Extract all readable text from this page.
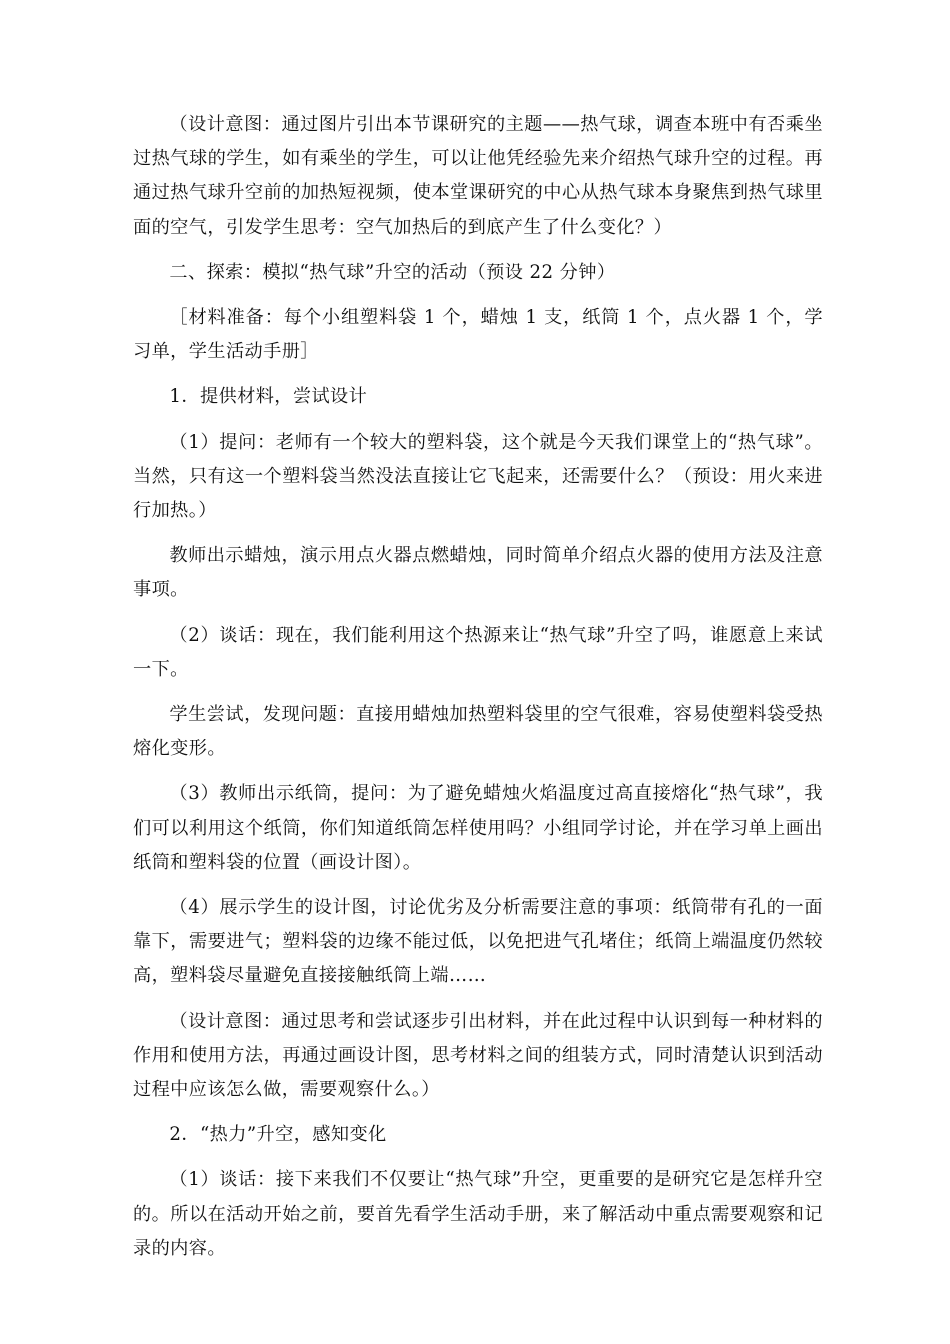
（设计意图：通过图片引出本节课研究的主题——热气球，调查本班中有否乘坐过热气球的学生，如有乘坐的学生，可以让他凭经验先来介绍热气球升空的过程。再通过热气球升空前的加热短视频，使本堂课研究的中心从热气球本身聚焦到热气球里面的空气，引发学生思考：空气加热后的到底产生了什么变化？）

二、探索：模拟“热气球”升空的活动（预设 22 分钟）

［材料准备：每个小组塑料袋 1 个，蜡烛 1 支，纸筒 1 个，点火器 1 个，学习单，学生活动手册］

1．提供材料，尝试设计

（1）提问：老师有一个较大的塑料袋，这个就是今天我们课堂上的“热气球”。当然，只有这一个塑料袋当然没法直接让它飞起来，还需要什么？（预设：用火来进行加热。）

教师出示蜡烛，演示用点火器点燃蜡烛，同时简单介绍点火器的使用方法及注意事项。

（2）谈话：现在，我们能利用这个热源来让“热气球”升空了吗，谁愿意上来试一下。

学生尝试，发现问题：直接用蜡烛加热塑料袋里的空气很难，容易使塑料袋受热熔化变形。

（3）教师出示纸筒，提问：为了避免蜡烛火焰温度过高直接熔化“热气球”，我们可以利用这个纸筒，你们知道纸筒怎样使用吗？小组同学讨论，并在学习单上画出纸筒和塑料袋的位置（画设计图）。

（4）展示学生的设计图，讨论优劣及分析需要注意的事项：纸筒带有孔的一面靠下，需要进气；塑料袋的边缘不能过低，以免把进气孔堵住；纸筒上端温度仍然较高，塑料袋尽量避免直接接触纸筒上端……

（设计意图：通过思考和尝试逐步引出材料，并在此过程中认识到每一种材料的作用和使用方法，再通过画设计图，思考材料之间的组装方式，同时清楚认识到活动过程中应该怎么做，需要观察什么。）

2．“热力”升空，感知变化

（1）谈话：接下来我们不仅要让“热气球”升空，更重要的是研究它是怎样升空的。所以在活动开始之前，要首先看学生活动手册，来了解活动中重点需要观察和记录的内容。
